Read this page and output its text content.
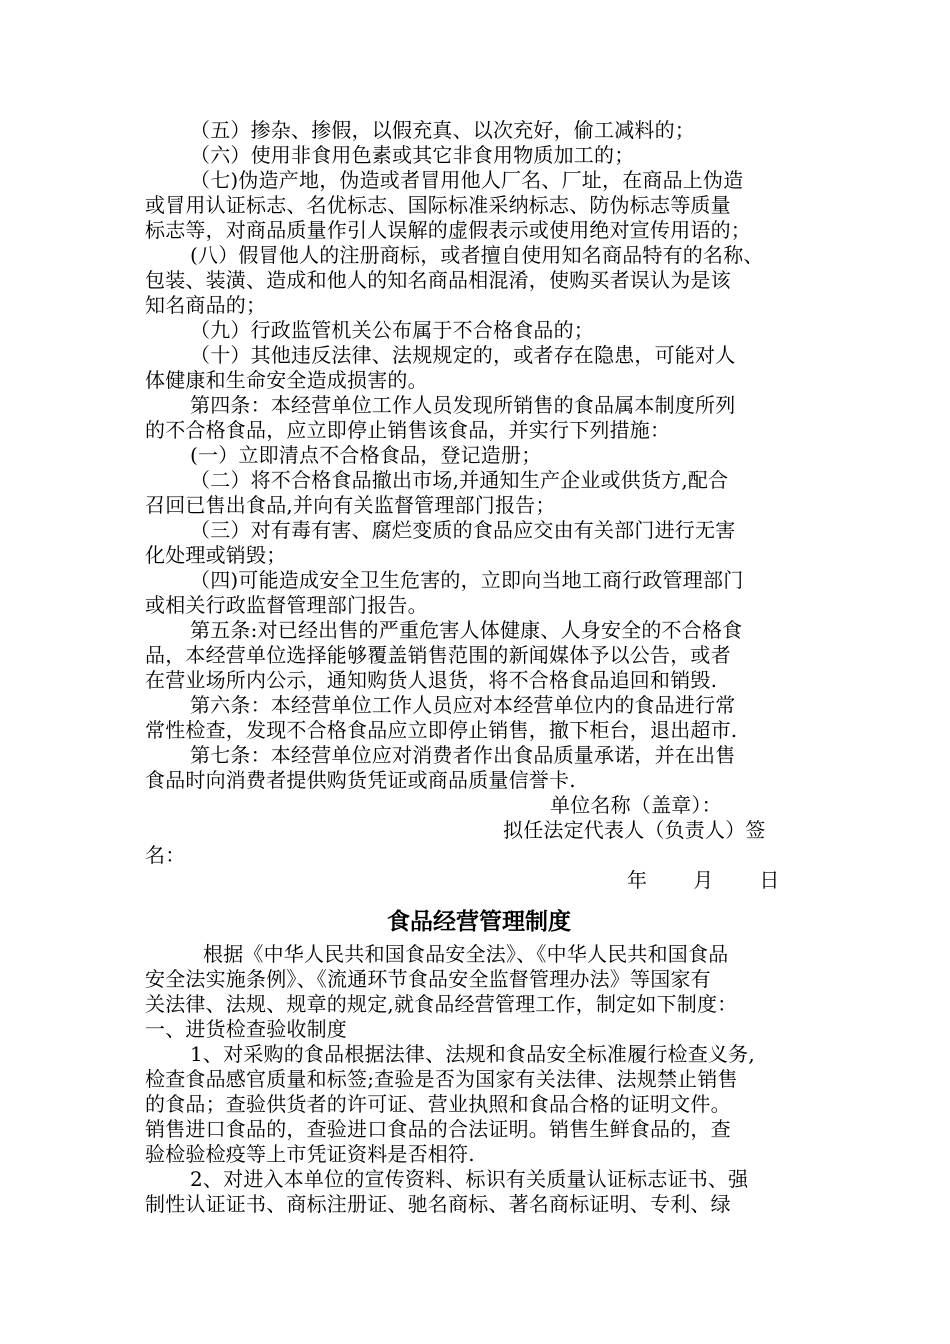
（五）掺杂、掺假，以假充真、以次充好，偷工减料的；
（六）使用非食用色素或其它非食用物质加工的；
（七)伪造产地，伪造或者冒用他人厂名、厂址，在商品上伪造
或冒用认证标志、名优标志、国际标准采纳标志、防伪标志等质量
标志等，对商品质量作引人误解的虚假表示或使用绝对宣传用语的；
(八）假冒他人的注册商标，或者擅自使用知名商品特有的名称、
包装、装潢、造成和他人的知名商品相混淆，使购买者误认为是该
知名商品的；
（九）行政监管机关公布属于不合格食品的；
（十）其他违反法律、法规规定的，或者存在隐患，可能对人
体健康和生命安全造成损害的。
第四条：本经营单位工作人员发现所销售的食品属本制度所列
的不合格食品，应立即停止销售该食品，并实行下列措施：
(一）立即清点不合格食品，登记造册；
（二）将不合格食品撤出市场,并通知生产企业或供货方,配合
召回已售出食品,并向有关监督管理部门报告；
（三）对有毒有害、腐烂变质的食品应交由有关部门进行无害
化处理或销毁；
（四)可能造成安全卫生危害的，立即向当地工商行政管理部门
或相关行政监督管理部门报告。
第五条:对已经出售的严重危害人体健康、人身安全的不合格食
品，本经营单位选择能够覆盖销售范围的新闻媒体予以公告，或者
在营业场所内公示，通知购货人退货，将不合格食品追回和销毁.
第六条：本经营单位工作人员应对本经营单位内的食品进行常
常性检查，发现不合格食品应立即停止销售，撤下柜台，退出超市.
第七条：本经营单位应对消费者作出食品质量承诺，并在出售
食品时向消费者提供购货凭证或商品质量信誉卡.
单位名称（盖章）：
拟任法定代表人（负责人）签
名：
年 月 日
食品经营管理制度
根据《中华人民共和国食品安全法》、《中华人民共和国食品
安全法实施条例》、《流通环节食品安全监督管理办法》等国家有
关法律、法规、规章的规定,就食品经营管理工作，制定如下制度：
一、进货检查验收制度
1、对采购的食品根据法律、法规和食品安全标准履行检查义务,
检查食品感官质量和标签;查验是否为国家有关法律、法规禁止销售
的食品；查验供货者的许可证、营业执照和食品合格的证明文件。
销售进口食品的，查验进口食品的合法证明。销售生鲜食品的，查
验检验检疫等上市凭证资料是否相符.
2、对进入本单位的宣传资料、标识有关质量认证标志证书、强
制性认证证书、商标注册证、驰名商标、著名商标证明、专利、绿
